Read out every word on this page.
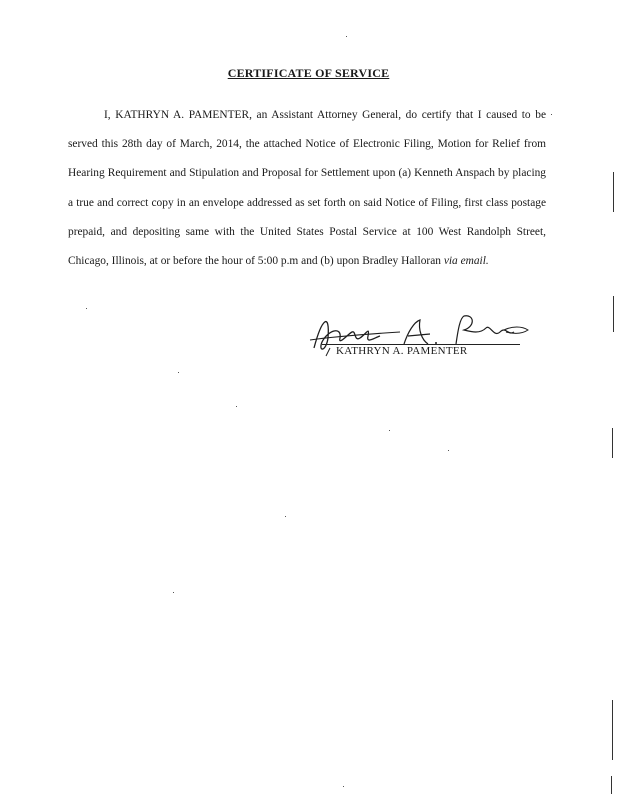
CERTIFICATE OF SERVICE

I, KATHRYN A. PAMENTER, an Assistant Attorney General, do certify that I caused to be served this 28th day of March, 2014, the attached Notice of Electronic Filing, Motion for Relief from Hearing Requirement and Stipulation and Proposal for Settlement upon (a) Kenneth Anspach by placing a true and correct copy in an envelope addressed as set forth on said Notice of Filing, first class postage prepaid, and depositing same with the United States Postal Service at 100 West Randolph Street, Chicago, Illinois, at or before the hour of 5:00 p.m and (b) upon Bradley Halloran via email.

KATHRYN A. PAMENTER
